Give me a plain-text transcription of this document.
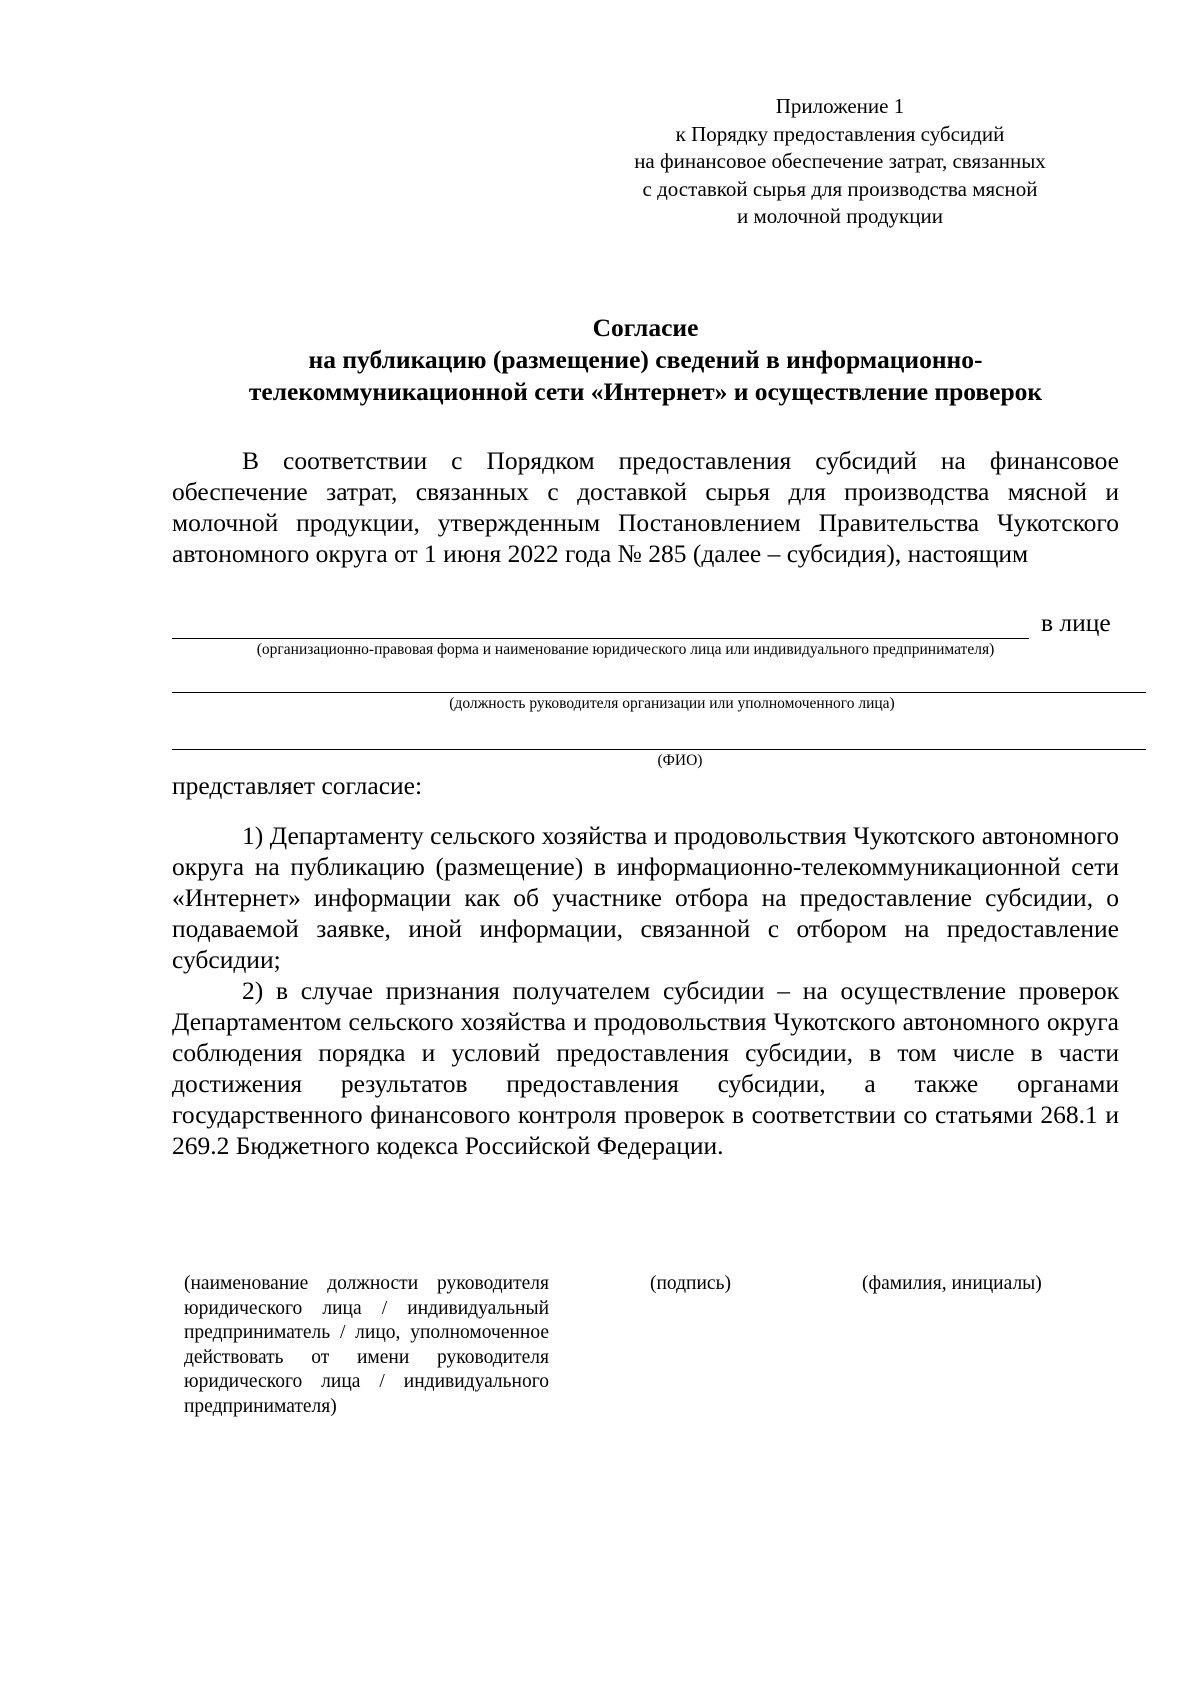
Приложение 1
к Порядку предоставления субсидий
на финансовое обеспечение затрат, связанных
с доставкой сырья для производства мясной
и молочной продукции
Согласие
на публикацию (размещение) сведений в информационно-
телекоммуникационной сети «Интернет» и осуществление проверок
В соответствии с Порядком предоставления субсидий на финансовое обеспечение затрат, связанных с доставкой сырья для производства мясной и молочной продукции, утвержденным Постановлением Правительства Чукотского автономного округа от 1 июня 2022 года № 285 (далее – субсидия), настоящим
в лице
(организационно-правовая форма и наименование юридического лица или индивидуального предпринимателя)
(должность руководителя организации или уполномоченного лица)
(ФИО)
представляет согласие:
1) Департаменту сельского хозяйства и продовольствия Чукотского автономного округа на публикацию (размещение) в информационно-телекоммуникационной сети «Интернет» информации как об участнике отбора на предоставление субсидии, о подаваемой заявке, иной информации, связанной с отбором на предоставление субсидии;
2) в случае признания получателем субсидии – на осуществление проверок Департаментом сельского хозяйства и продовольствия Чукотского автономного округа соблюдения порядка и условий предоставления субсидии, в том числе в части достижения результатов предоставления субсидии, а также органами государственного финансового контроля проверок в соответствии со статьями 268.1 и 269.2 Бюджетного кодекса Российской Федерации.
(наименование должности руководителя юридического лица / индивидуальный предприниматель / лицо, уполномоченное действовать от имени руководителя юридического лица / индивидуального предпринимателя)
(подпись)	(фамилия, инициалы)
